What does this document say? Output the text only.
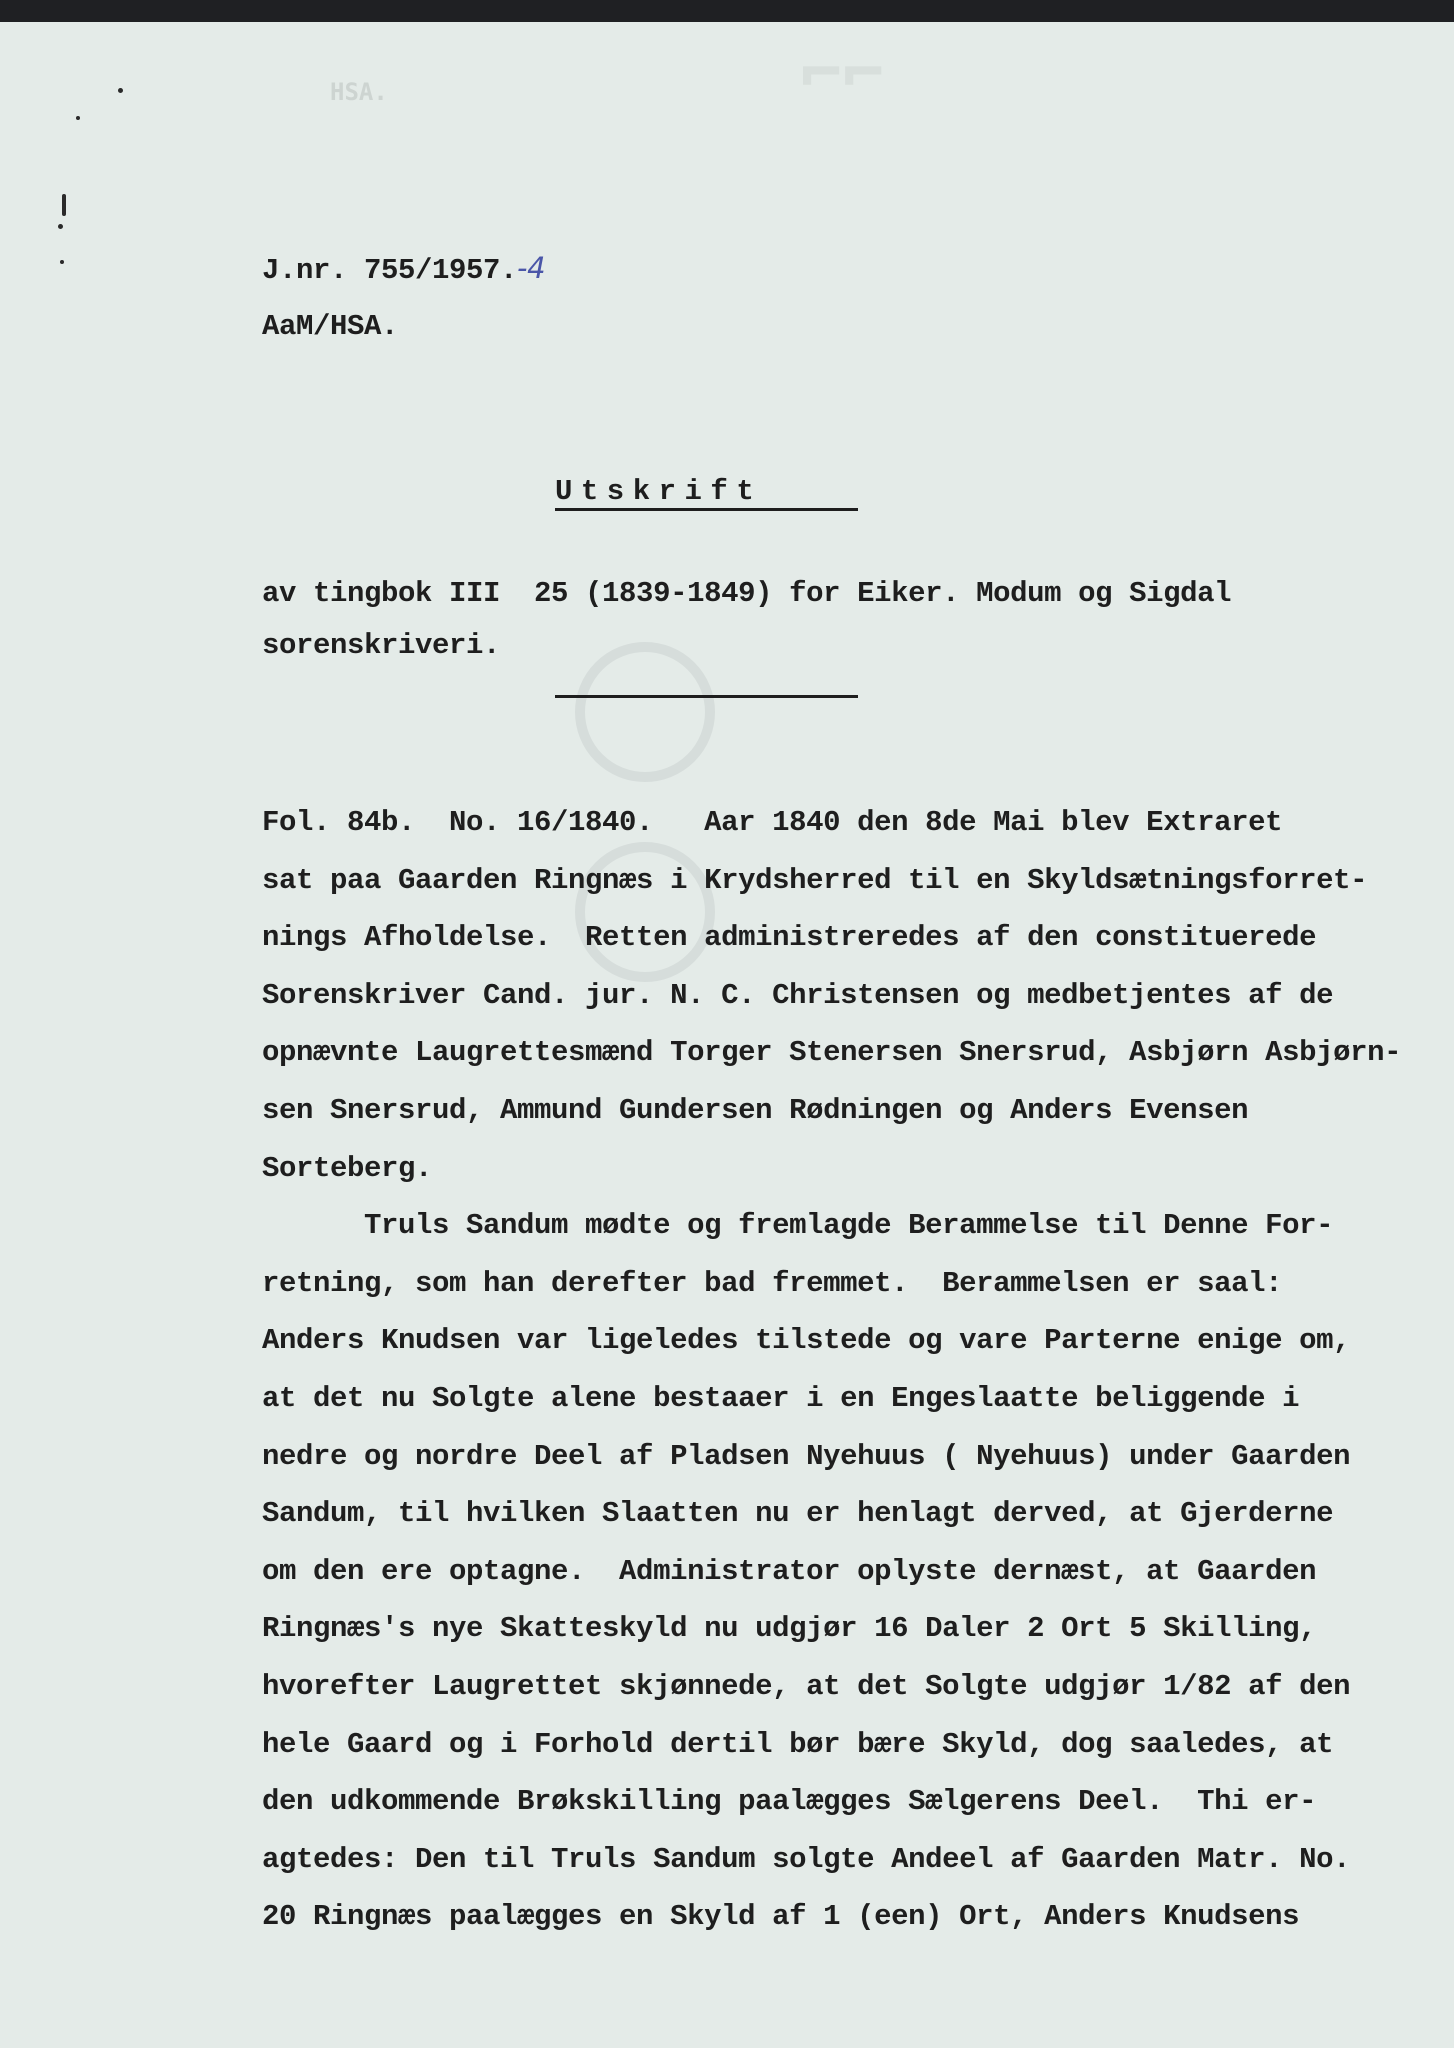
HSA.	⌐⌐
J.nr. 755/1957.-4
AaM/HSA.
Utskrift
av tingbok III  25 (1839-1849) for Eiker. Modum og Sigdal
sorenskriveri.
Fol. 84b.  No. 16/1840.   Aar 1840 den 8de Mai blev Extraret
sat paa Gaarden Ringnæs i Krydsherred til en Skyldsætningsforret-
nings Afholdelse.  Retten administreredes af den constituerede
Sorenskriver Cand. jur. N. C. Christensen og medbetjentes af de
opnævnte Laugrettesmænd Torger Stenersen Snersrud, Asbjørn Asbjørn-
sen Snersrud, Ammund Gundersen Rødningen og Anders Evensen
Sorteberg.
Truls Sandum mødte og fremlagde Berammelse til Denne For-
retning, som han derefter bad fremmet.  Berammelsen er saal:
Anders Knudsen var ligeledes tilstede og vare Parterne enige om,
at det nu Solgte alene bestaaer i en Engeslaatte beliggende i
nedre og nordre Deel af Pladsen Nyehuus ( Nyehuus) under Gaarden
Sandum, til hvilken Slaatten nu er henlagt derved, at Gjerderne
om den ere optagne.  Administrator oplyste dernæst, at Gaarden
Ringnæs's nye Skatteskyld nu udgjør 16 Daler 2 Ort 5 Skilling,
hvorefter Laugrettet skjønnede, at det Solgte udgjør 1/82 af den
hele Gaard og i Forhold dertil bør bære Skyld, dog saaledes, at
den udkommende Brøkskilling paalægges Sælgerens Deel.  Thi er-
agtedes: Den til Truls Sandum solgte Andeel af Gaarden Matr. No.
20 Ringnæs paalægges en Skyld af 1 (een) Ort, Anders Knudsens
